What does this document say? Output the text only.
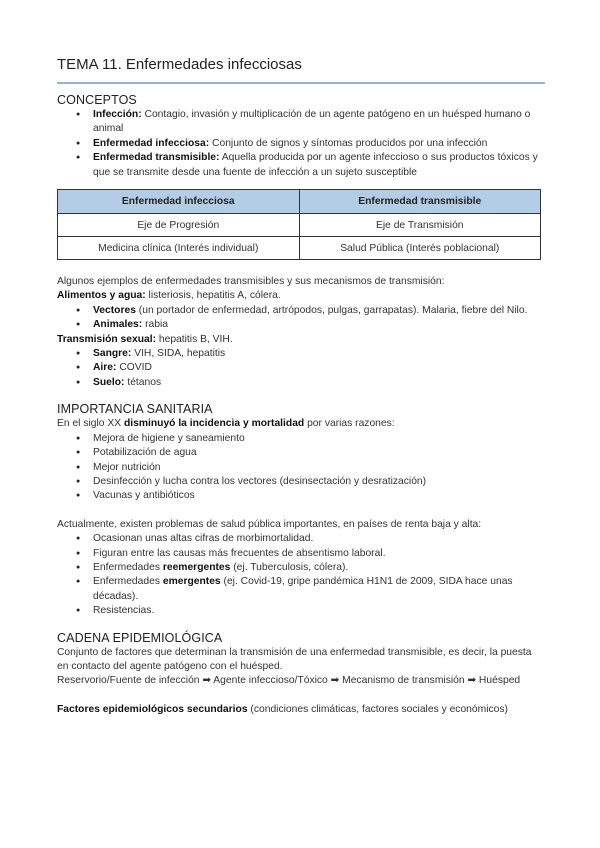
TEMA 11. Enfermedades infecciosas
CONCEPTOS
● Infección: Contagio, invasión y multiplicación de un agente patógeno en un huésped humano o animal
● Enfermedad infecciosa: Conjunto de signos y síntomas producidos por una infección
● Enfermedad transmisible: Aquella producida por un agente infeccioso o sus productos tóxicos y que se transmite desde una fuente de infección a un sujeto susceptible
Enfermedad infecciosa	Enfermedad transmisible
Eje de Progresión	Eje de Transmisión
Medicina clínica (Interés individual)	Salud Pública (Interés poblacional)
Algunos ejemplos de enfermedades transmisibles y sus mecanismos de transmisión:
Alimentos y agua: listeriosis, hepatitis A, cólera.
● Vectores (un portador de enfermedad, artrópodos, pulgas, garrapatas). Malaria, fiebre del Nilo.
● Animales: rabia
Transmisión sexual: hepatitis B, VIH.
● Sangre: VIH, SIDA, hepatitis
● Aire: COVID
● Suelo: tétanos
IMPORTANCIA SANITARIA
En el siglo XX disminuyó la incidencia y mortalidad por varias razones:
● Mejora de higiene y saneamiento
● Potabilización de agua
● Mejor nutrición
● Desinfección y lucha contra los vectores (desinsectación y desratización)
● Vacunas y antibióticos
Actualmente, existen problemas de salud pública importantes, en países de renta baja y alta:
● Ocasionan unas altas cifras de morbimortalidad.
● Figuran entre las causas más frecuentes de absentismo laboral.
● Enfermedades reemergentes (ej. Tuberculosis, cólera).
● Enfermedades emergentes (ej. Covid-19, gripe pandémica H1N1 de 2009, SIDA hace unas décadas).
● Resistencias.
CADENA EPIDEMIOLÓGICA
Conjunto de factores que determinan la transmisión de una enfermedad transmisible, es decir, la puesta en contacto del agente patógeno con el huésped.
Reservorio/Fuente de infección ➡ Agente infeccioso/Tóxico ➡ Mecanismo de transmisión ➡ Huésped
Factores epidemiológicos secundarios (condiciones climáticas, factores sociales y económicos)
